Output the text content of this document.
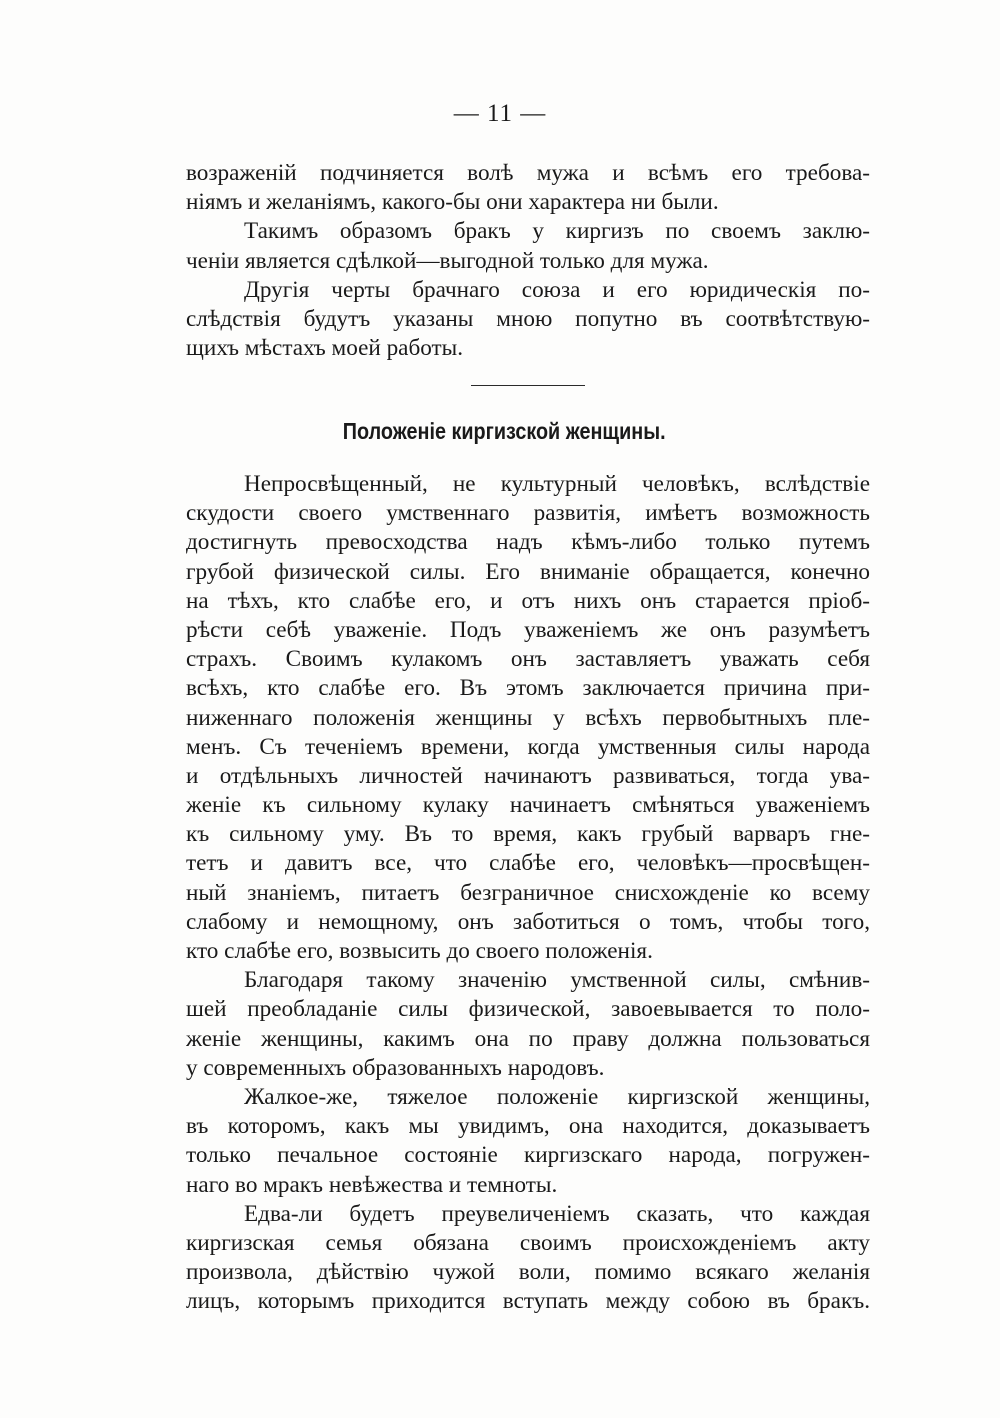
— 11 —
возраженій подчиняется волѣ мужа и всѣмъ его требова-
ніямъ и желаніямъ, какого-бы они характера ни были.
Такимъ образомъ бракъ у киргизъ по своемъ заклю-
ченіи является сдѣлкой—выгодной только для мужа.
Другія черты брачнаго союза и его юридическія по-
слѣдствія будутъ указаны мною попутно въ соотвѣтствую-
щихъ мѣстахъ моей работы.
Положеніе киргизской женщины.
Непросвѣщенный, не культурный человѣкъ, вслѣдствіе
скудости своего умственнаго развитія, имѣетъ возможность
достигнуть превосходства надъ кѣмъ-либо только путемъ
грубой физической силы. Его вниманіе обращается, конечно
на тѣхъ, кто слабѣе его, и отъ нихъ онъ старается пріоб-
рѣсти себѣ уваженіе. Подъ уваженіемъ же онъ разумѣетъ
страхъ. Своимъ кулакомъ онъ заставляетъ уважать себя
всѣхъ, кто слабѣе его. Въ этомъ заключается причина при-
ниженнаго положенія женщины у всѣхъ первобытныхъ пле-
менъ. Съ теченіемъ времени, когда умственныя силы народа
и отдѣльныхъ личностей начинаютъ развиваться, тогда ува-
женіе къ сильному кулаку начинаетъ смѣняться уваженіемъ
къ сильному уму. Въ то время, какъ грубый варваръ гне-
тетъ и давитъ все, что слабѣе его, человѣкъ—просвѣщен-
ный знаніемъ, питаетъ безграничное снисхожденіе ко всему
слабому и немощному, онъ заботиться о томъ, чтобы того,
кто слабѣе его, возвысить до своего положенія.
Благодаря такому значенію умственной силы, смѣнив-
шей преобладаніе силы физической, завоевывается то поло-
женіе женщины, какимъ она по праву должна пользоваться
у современныхъ образованныхъ народовъ.
Жалкое-же, тяжелое положеніе киргизской женщины,
въ которомъ, какъ мы увидимъ, она находится, доказываетъ
только печальное состояніе киргизскаго народа, погружен-
наго во мракъ невѣжества и темноты.
Едва-ли будетъ преувеличеніемъ сказать, что каждая
киргизская семья обязана своимъ происхожденіемъ акту
произвола, дѣйствію чужой воли, помимо всякаго желанія
лицъ, которымъ приходится вступать между собою въ бракъ.
